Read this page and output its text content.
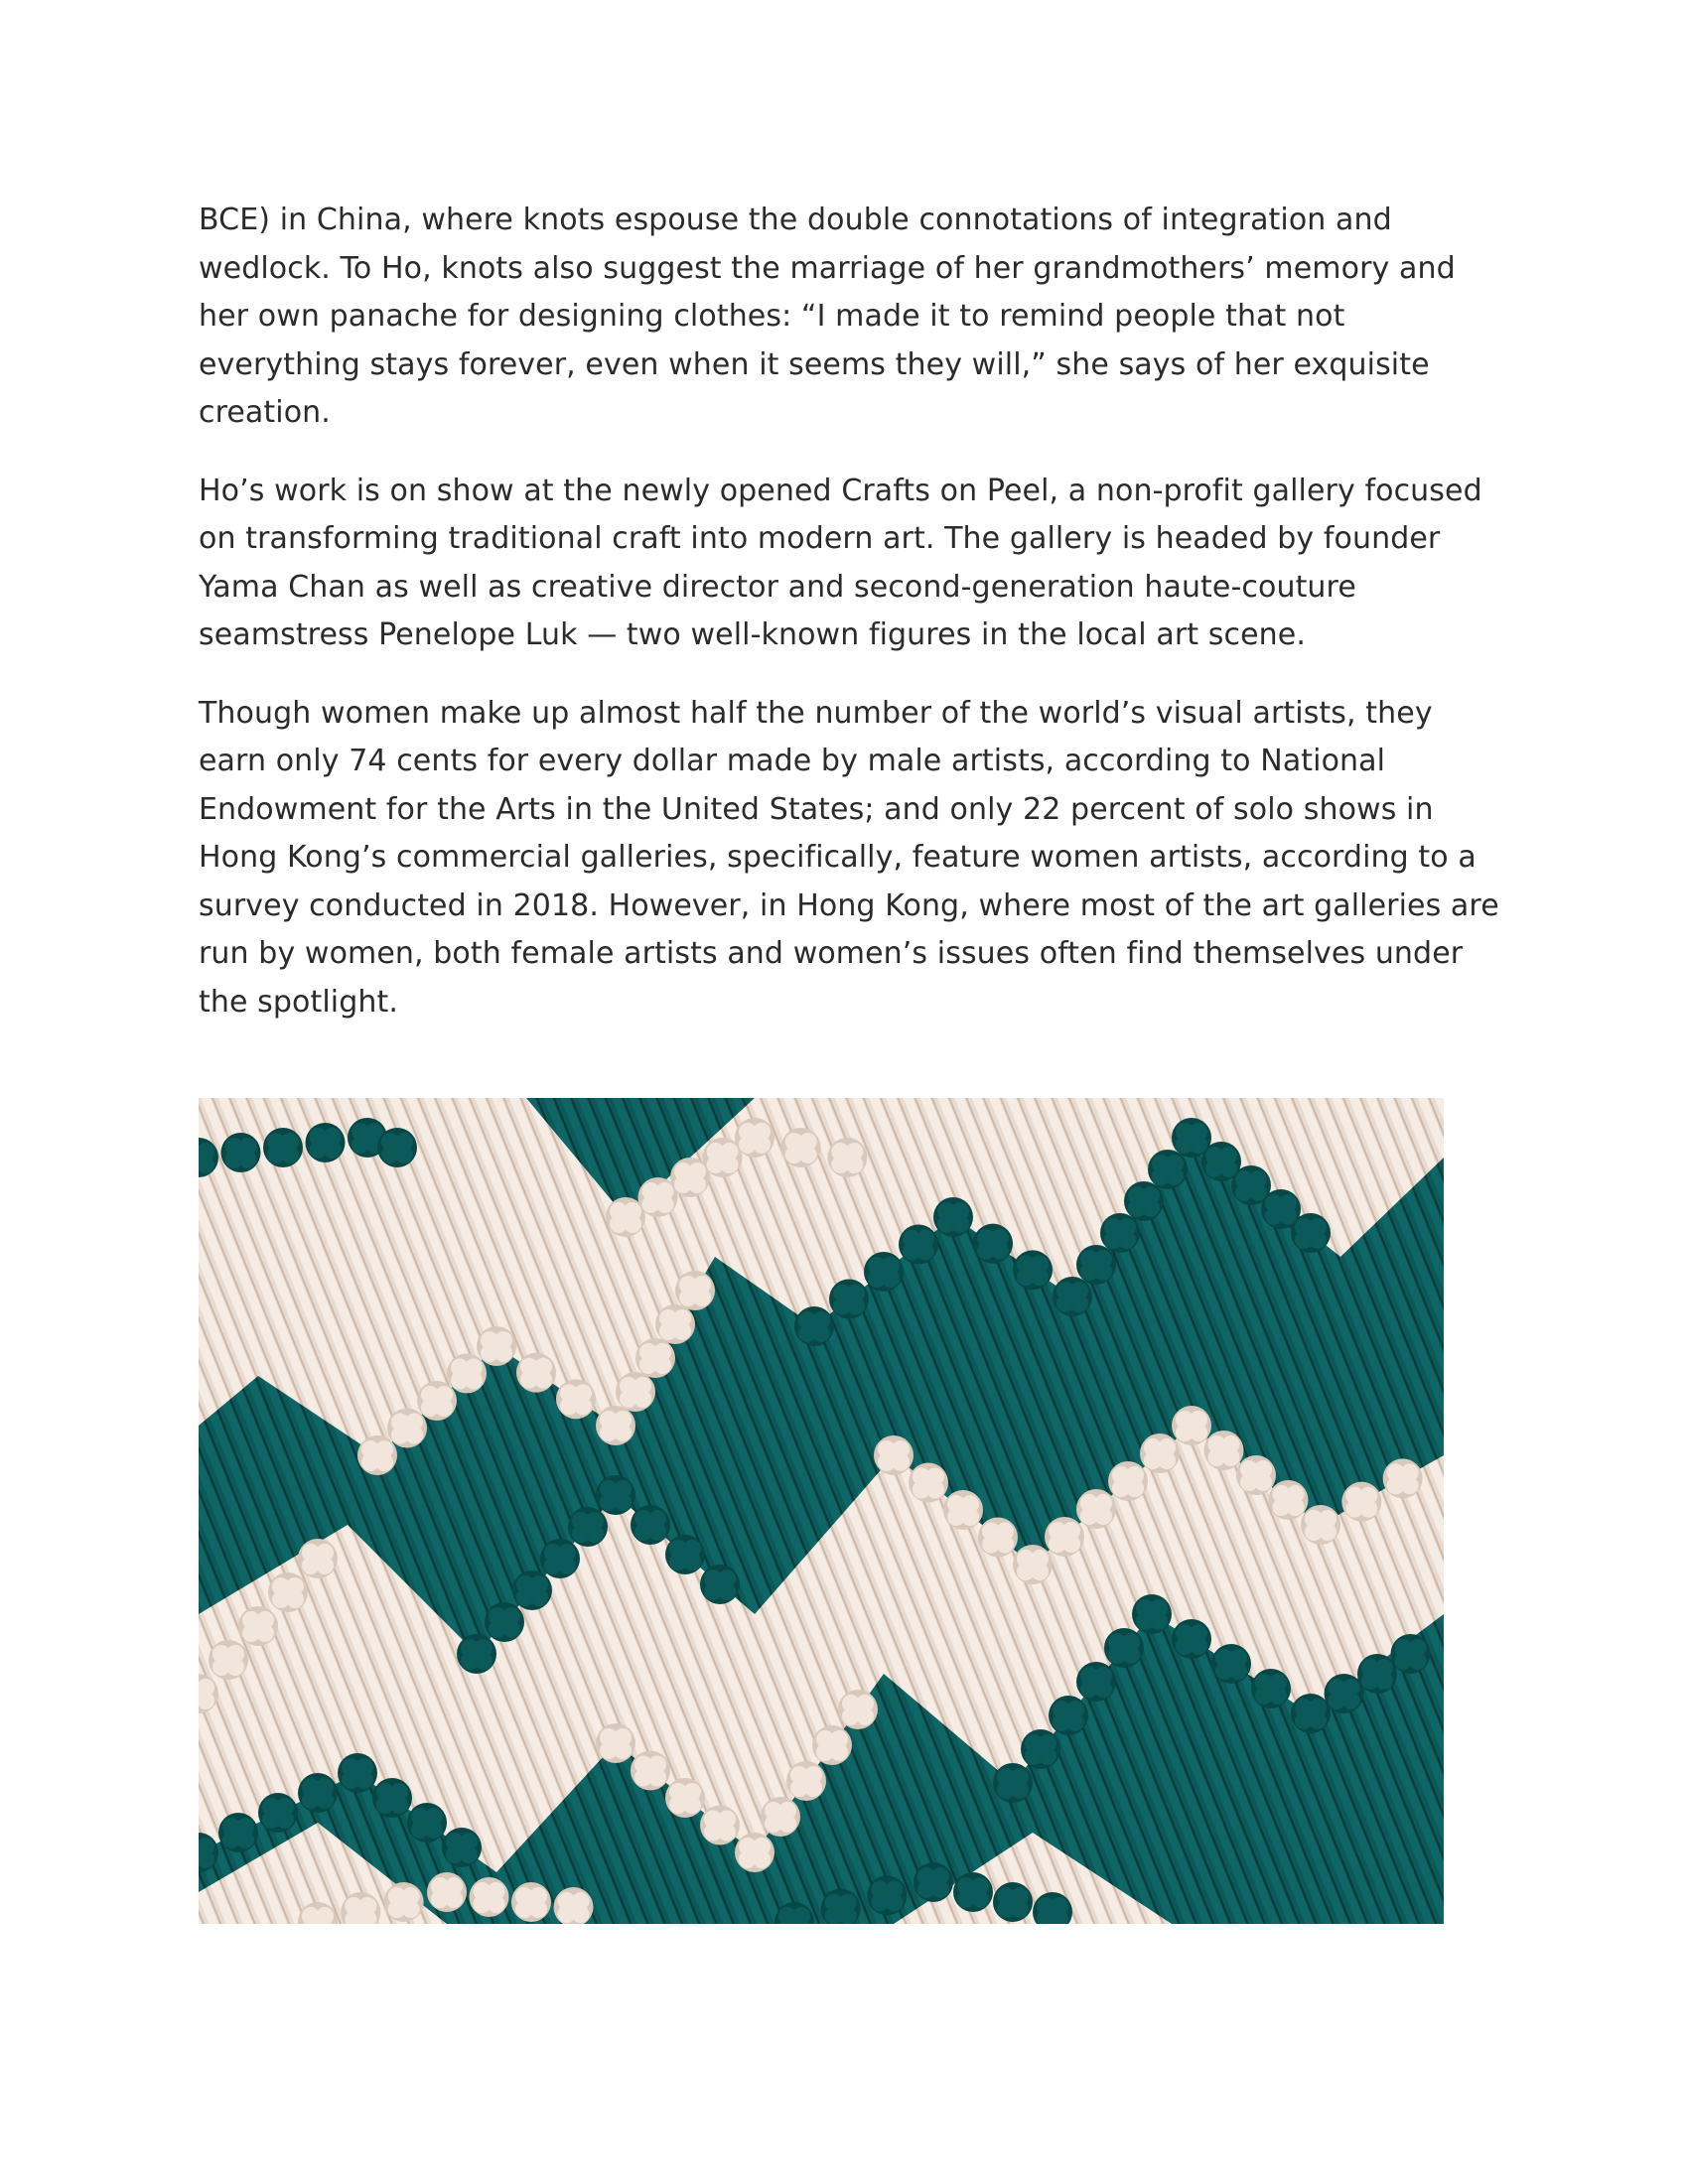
BCE) in China, where knots espouse the double connotations of integration and wedlock. To Ho, knots also suggest the marriage of her grandmothers’ memory and her own panache for designing clothes: “I made it to remind people that not everything stays forever, even when it seems they will,” she says of her exquisite creation.

Ho’s work is on show at the newly opened Crafts on Peel, a non-profit gallery focused on transforming traditional craft into modern art. The gallery is headed by founder Yama Chan as well as creative director and second-generation haute-couture seamstress Penelope Luk — two well-known figures in the local art scene.

Though women make up almost half the number of the world’s visual artists, they earn only 74 cents for every dollar made by male artists, according to National Endowment for the Arts in the United States; and only 22 percent of solo shows in Hong Kong’s commercial galleries, specifically, feature women artists, according to a survey conducted in 2018. However, in Hong Kong, where most of the art galleries are run by women, both female artists and women’s issues often find themselves under the spotlight.
